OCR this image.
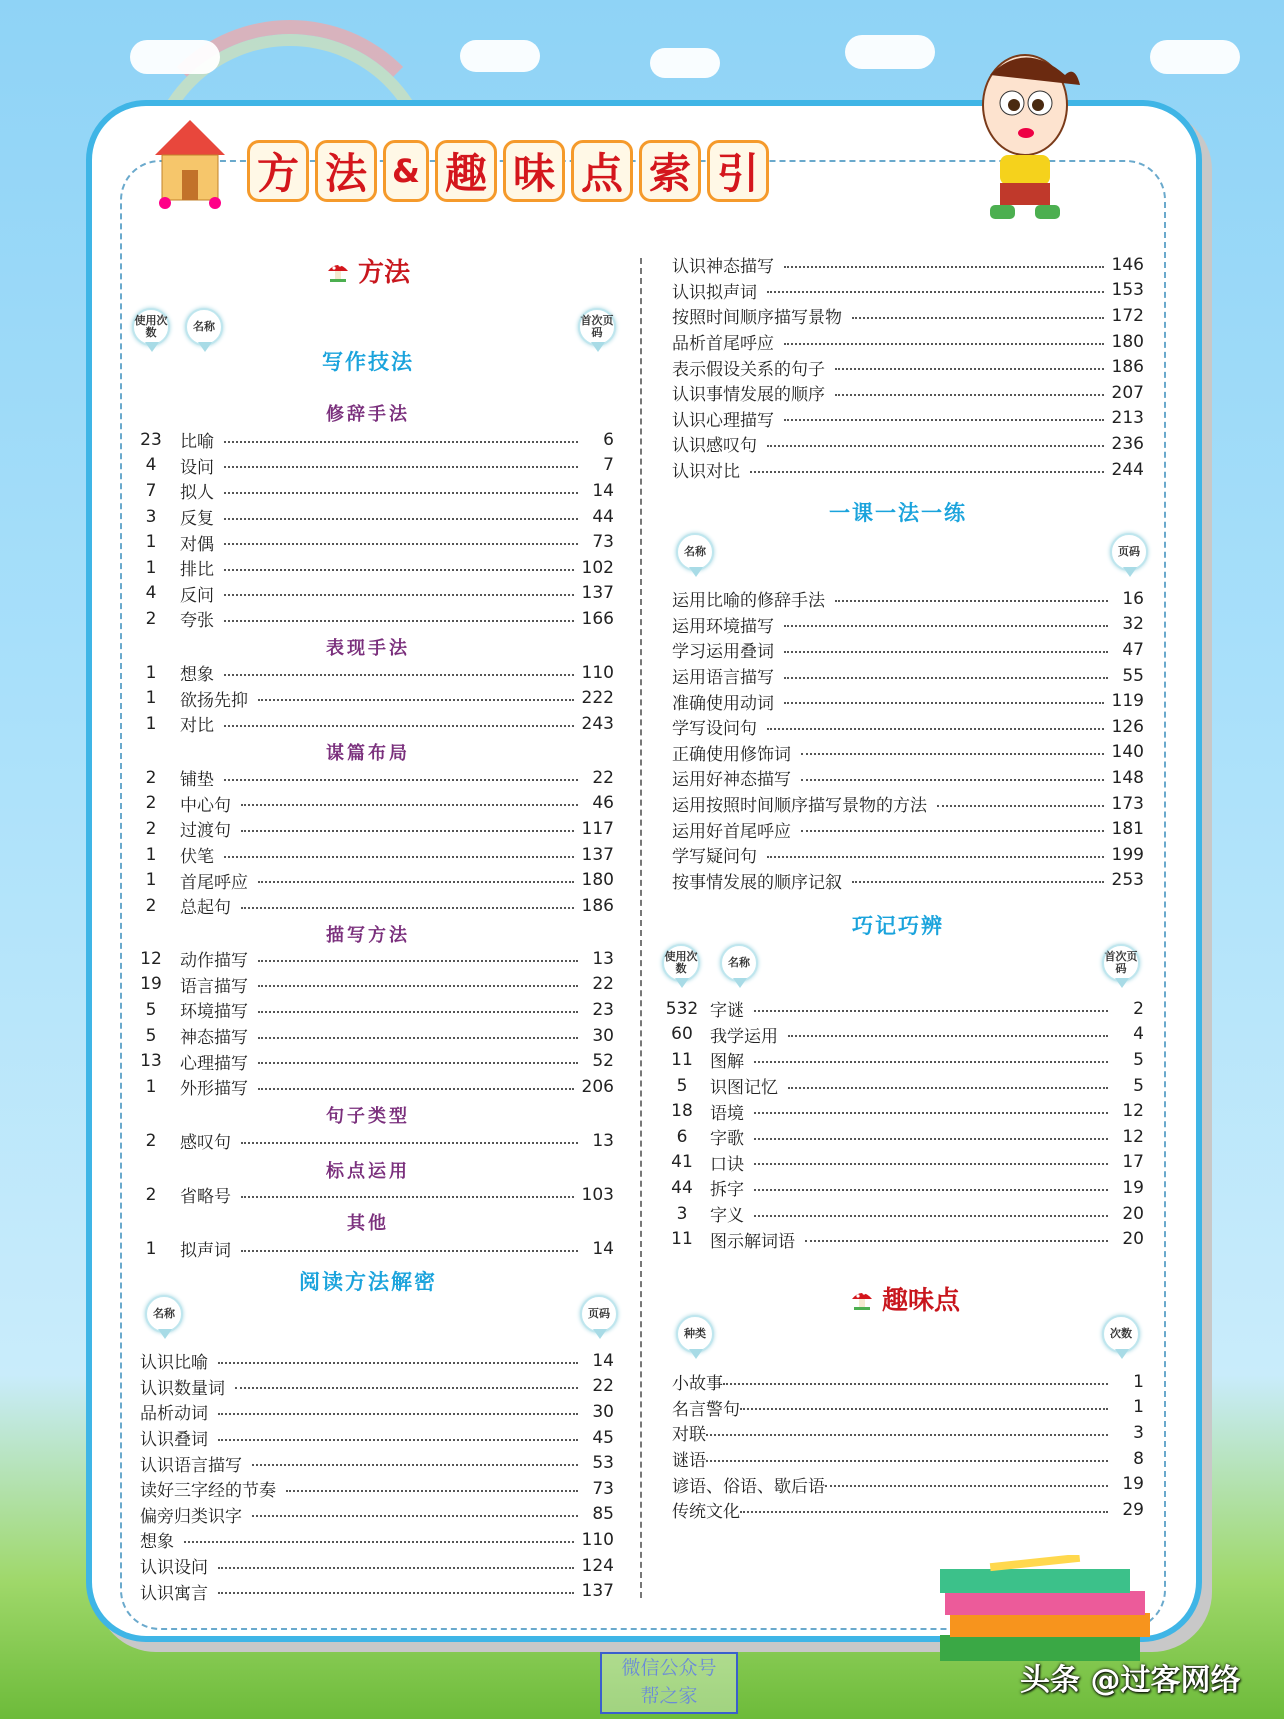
方 法 & 趣 味 点 索 引
方法
写作技法
阅读方法解密
一课一法一练
巧记巧辨
趣味点
使用次数	名称	首次页码
名称	页码
名称	页码
使用次数	名称	首次页码
种类	次数
修辞手法
23 比喻	6
4	设问	7
7	拟人	14
3	反复	44
1	对偶	73
1	排比	102
4	反问	137
2	夸张	166
表现手法
1	想象	110
1	欲扬先抑	222
1	对比	243
谋篇布局
2	铺垫	22
2	中心句	46
2	过渡句	117
1	伏笔	137
1	首尾呼应	180
2	总起句	186
描写方法
12 动作描写	13
19 语言描写	22
5	环境描写	23
5	神态描写	30
13 心理描写	52
1	外形描写	206
句子类型
2	感叹句	13
标点运用
2	省略号	103
其他
1	拟声词	14
认识比喻	14
认识数量词	22
品析动词	30
认识叠词	45
认识语言描写	53
读好三字经的节奏	73
偏旁归类识字	85
想象	110
认识设问	124
认识寓言	137
认识神态描写	146
认识拟声词	153
按照时间顺序描写景物	172
品析首尾呼应	180
表示假设关系的句子	186
认识事情发展的顺序	207
认识心理描写	213
认识感叹句	236
认识对比	244
运用比喻的修辞手法	16
运用环境描写	32
学习运用叠词	47
运用语言描写	55
准确使用动词	119
学写设问句	126
正确使用修饰词	140
运用好神态描写	148
运用按照时间顺序描写景物的方法	173
运用好首尾呼应	181
学写疑问句	199
按事情发展的顺序记叙	253
532 字谜	2
60	我学运用	4
11	图解	5
5	识图记忆	5
18	语境	12
6	字歌	12
41	口诀	17
44	拆字	19
3	字义	20
11	图示解词语	20
小故事	1
名言警句	1
对联	3
谜语	8
谚语、俗语、歇后语	19
传统文化	29
微信公众号
帮之家	头条 @过客网络
